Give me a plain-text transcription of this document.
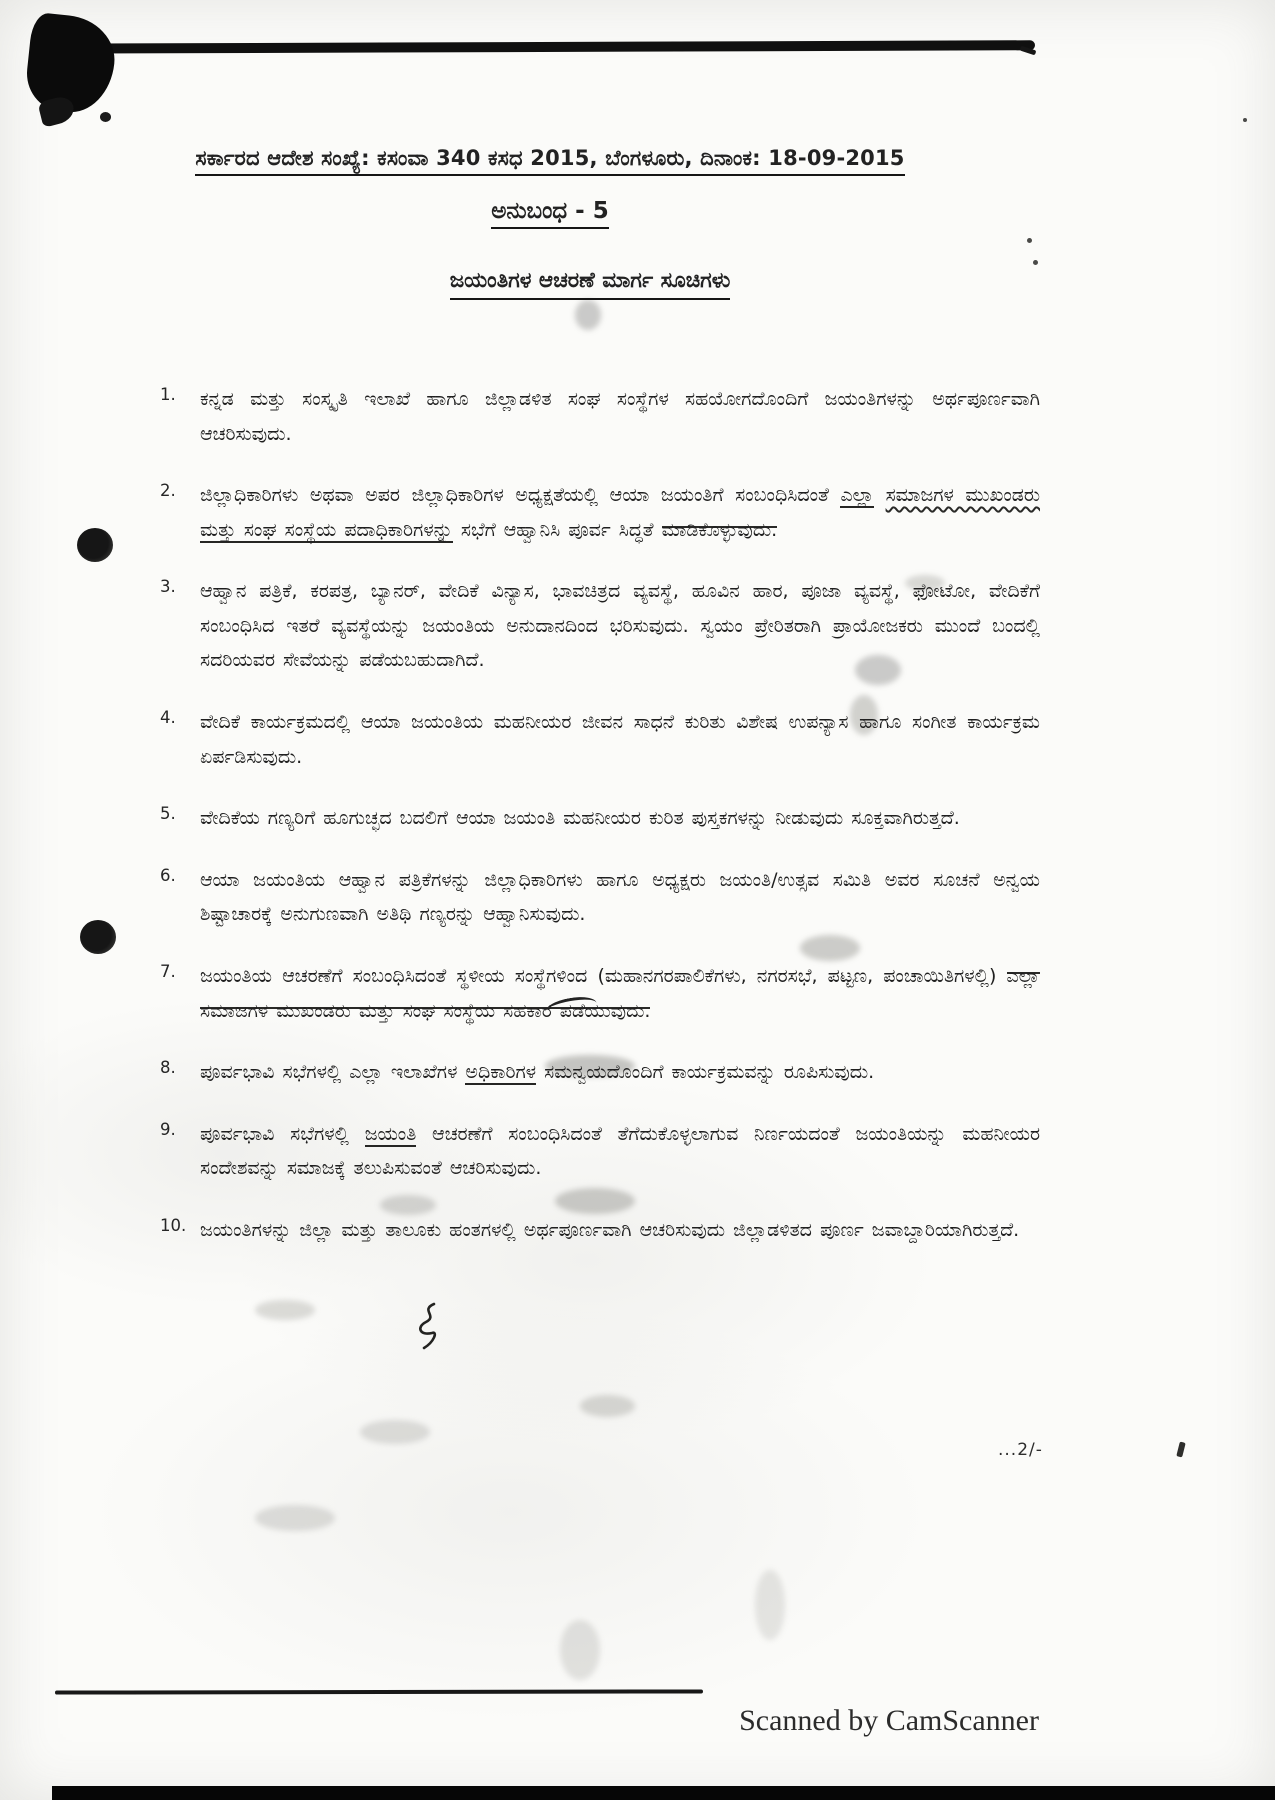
ಸರ್ಕಾರದ ಆದೇಶ ಸಂಖ್ಯೆ: ಕಸಂವಾ 340 ಕಸಧ 2015, ಬೆಂಗಳೂರು, ದಿನಾಂಕ: 18-09-2015
ಅನುಬಂಧ - 5
ಜಯಂತಿಗಳ ಆಚರಣೆ ಮಾರ್ಗ ಸೂಚಿಗಳು
1.	ಕನ್ನಡ ಮತ್ತು ಸಂಸ್ಕೃತಿ ಇಲಾಖೆ ಹಾಗೂ ಜಿಲ್ಲಾಡಳಿತ ಸಂಘ ಸಂಸ್ಥೆಗಳ ಸಹಯೋಗದೊಂದಿಗೆ ಜಯಂತಿಗಳನ್ನು ಅರ್ಥಪೂರ್ಣವಾಗಿ ಆಚರಿಸುವುದು.
2.	ಜಿಲ್ಲಾಧಿಕಾರಿಗಳು ಅಥವಾ ಅಪರ ಜಿಲ್ಲಾಧಿಕಾರಿಗಳ ಅಧ್ಯಕ್ಷತೆಯಲ್ಲಿ ಆಯಾ ಜಯಂತಿಗೆ ಸಂಬಂಧಿಸಿದಂತೆ ಎಲ್ಲಾ ಸಮಾಜಗಳ ಮುಖಂಡರು ಮತ್ತು ಸಂಘ ಸಂಸ್ಥೆಯ ಪದಾಧಿಕಾರಿಗಳನ್ನು ಸಭೆಗೆ ಆಹ್ವಾನಿಸಿ ಪೂರ್ವ ಸಿದ್ಧತೆ ಮಾಡಿಕೊಳ್ಳುವುದು.
3.	ಆಹ್ವಾನ ಪತ್ರಿಕೆ, ಕರಪತ್ರ, ಬ್ಯಾನರ್, ವೇದಿಕೆ ವಿನ್ಯಾಸ, ಭಾವಚಿತ್ರದ ವ್ಯವಸ್ಥೆ, ಹೂವಿನ ಹಾರ, ಪೂಜಾ ವ್ಯವಸ್ಥೆ, ಫೋಟೋ, ವೇದಿಕೆಗೆ ಸಂಬಂಧಿಸಿದ ಇತರೆ ವ್ಯವಸ್ಥೆಯನ್ನು ಜಯಂತಿಯ ಅನುದಾನದಿಂದ ಭರಿಸುವುದು. ಸ್ವಯಂ ಪ್ರೇರಿತರಾಗಿ ಪ್ರಾಯೋಜಕರು ಮುಂದೆ ಬಂದಲ್ಲಿ ಸದರಿಯವರ ಸೇವೆಯನ್ನು ಪಡೆಯಬಹುದಾಗಿದೆ.
4.	ವೇದಿಕೆ ಕಾರ್ಯಕ್ರಮದಲ್ಲಿ ಆಯಾ ಜಯಂತಿಯ ಮಹನೀಯರ ಜೀವನ ಸಾಧನೆ ಕುರಿತು ವಿಶೇಷ ಉಪನ್ಯಾಸ ಹಾಗೂ ಸಂಗೀತ ಕಾರ್ಯಕ್ರಮ ಏರ್ಪಡಿಸುವುದು.
5.	ವೇದಿಕೆಯ ಗಣ್ಯರಿಗೆ ಹೂಗುಚ್ಛದ ಬದಲಿಗೆ ಆಯಾ ಜಯಂತಿ ಮಹನೀಯರ ಕುರಿತ ಪುಸ್ತಕಗಳನ್ನು ನೀಡುವುದು ಸೂಕ್ತವಾಗಿರುತ್ತದೆ.
6.	ಆಯಾ ಜಯಂತಿಯ ಆಹ್ವಾನ ಪತ್ರಿಕೆಗಳನ್ನು ಜಿಲ್ಲಾಧಿಕಾರಿಗಳು ಹಾಗೂ ಅಧ್ಯಕ್ಷರು ಜಯಂತಿ/ಉತ್ಸವ ಸಮಿತಿ ಅವರ ಸೂಚನೆ ಅನ್ವಯ ಶಿಷ್ಟಾಚಾರಕ್ಕೆ ಅನುಗುಣವಾಗಿ ಅತಿಥಿ ಗಣ್ಯರನ್ನು ಆಹ್ವಾನಿಸುವುದು.
7.	ಜಯಂತಿಯ ಆಚರಣೆಗೆ ಸಂಬಂಧಿಸಿದಂತೆ ಸ್ಥಳೀಯ ಸಂಸ್ಥೆಗಳಿಂದ (ಮಹಾನಗರಪಾಲಿಕೆಗಳು, ನಗರಸಭೆ, ಪಟ್ಟಣ, ಪಂಚಾಯಿತಿಗಳಲ್ಲಿ) ಎಲ್ಲಾ ಸಮಾಜಗಳ ಮುಖಂಡರು ಮತ್ತು ಸಂಘ ಸಂಸ್ಥೆಯ ಸಹಕಾರ ಪಡೆಯುವುದು.
8.	ಪೂರ್ವಭಾವಿ ಸಭೆಗಳಲ್ಲಿ ಎಲ್ಲಾ ಇಲಾಖೆಗಳ ಅಧಿಕಾರಿಗಳ ಸಮನ್ವಯದೊಂದಿಗೆ ಕಾರ್ಯಕ್ರಮವನ್ನು ರೂಪಿಸುವುದು.
9.	ಪೂರ್ವಭಾವಿ ಸಭೆಗಳಲ್ಲಿ ಜಯಂತಿ ಆಚರಣೆಗೆ ಸಂಬಂಧಿಸಿದಂತೆ ತೆಗೆದುಕೊಳ್ಳಲಾಗುವ ನಿರ್ಣಯದಂತೆ ಜಯಂತಿಯನ್ನು ಮಹನೀಯರ ಸಂದೇಶವನ್ನು ಸಮಾಜಕ್ಕೆ ತಲುಪಿಸುವಂತೆ ಆಚರಿಸುವುದು.
10. ಜಯಂತಿಗಳನ್ನು ಜಿಲ್ಲಾ ಮತ್ತು ತಾಲೂಕು ಹಂತಗಳಲ್ಲಿ ಅರ್ಥಪೂರ್ಣವಾಗಿ ಆಚರಿಸುವುದು ಜಿಲ್ಲಾಡಳಿತದ ಪೂರ್ಣ ಜವಾಬ್ದಾರಿಯಾಗಿರುತ್ತದೆ.
...2/-
Scanned by CamScanner
